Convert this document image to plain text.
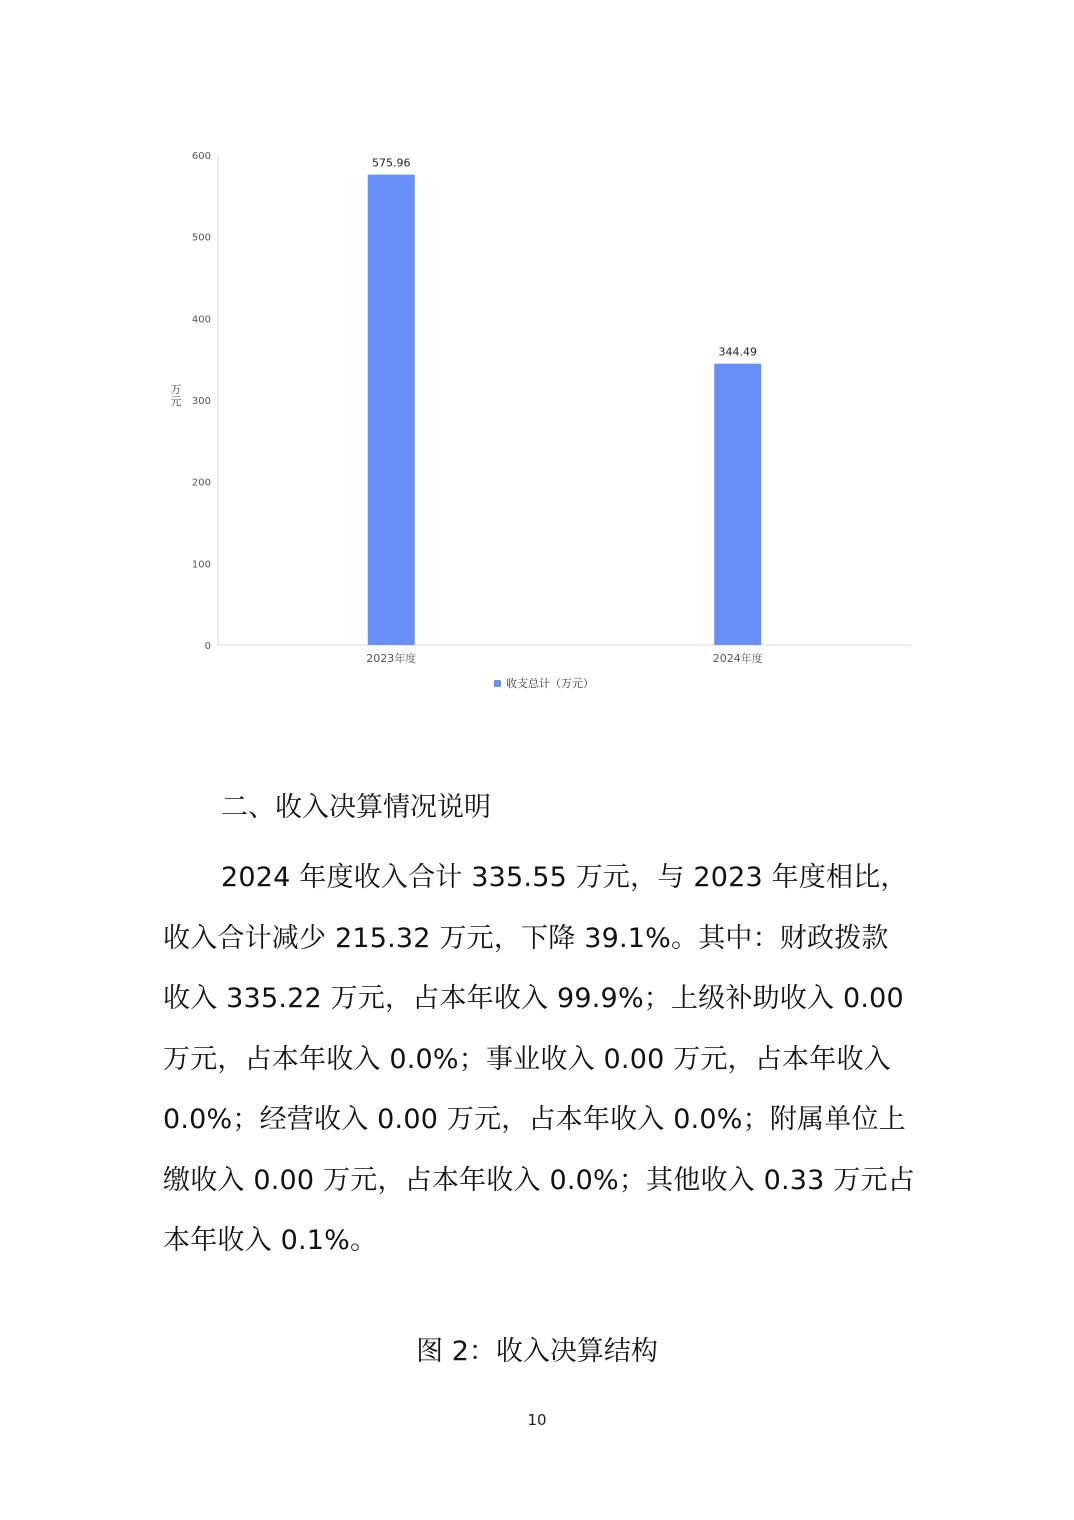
0
100
200
300
400
500
600
万元
575.96
2023年度
344.49
2024年度
收支总计（万元）
二、收入决算情况说明
2024 年度收入合计 335.55 万元，与 2023 年度相比，收入合计减少 215.32 万元，下降 39.1%。其中：财政拨款收入 335.22 万元，占本年收入 99.9%；上级补助收入 0.00 万元，占本年收入 0.0%；事业收入 0.00 万元，占本年收入 0.0%；经营收入 0.00 万元，占本年收入 0.0%；附属单位上缴收入 0.00 万元，占本年收入 0.0%；其他收入 0.33 万元占本年收入 0.1%。
图 2：收入决算结构
10
